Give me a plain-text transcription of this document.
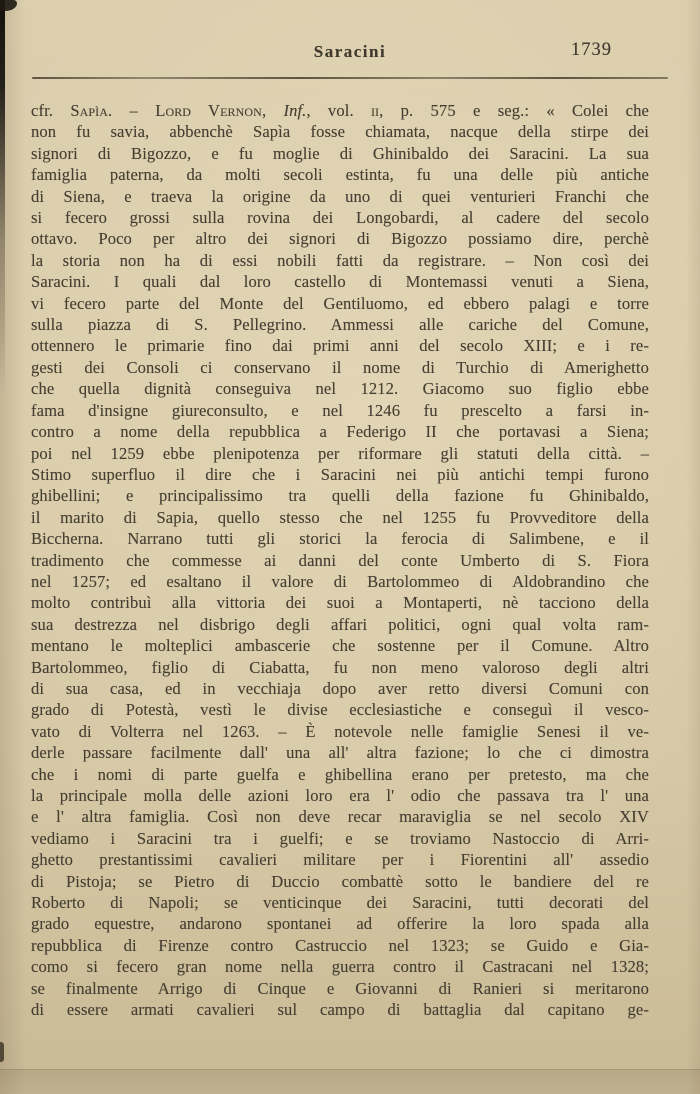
Saracini	1739
cfr. Sapìa. – Lord Vernon, Inf., vol. ii, p. 575 e seg.: « Colei che
non fu savia, abbenchè Sapìa fosse chiamata, nacque della stirpe dei
signori di Bigozzo, e fu moglie di Ghinibaldo dei Saracini. La sua
famiglia paterna, da molti secoli estinta, fu una delle più antiche
di Siena, e traeva la origine da uno di quei venturieri Franchi che
si fecero grossi sulla rovina dei Longobardi, al cadere del secolo
ottavo. Poco per altro dei signori di Bigozzo possiamo dire, perchè
la storia non ha di essi nobili fatti da registrare. – Non così dei
Saracini. I quali dal loro castello di Montemassi venuti a Siena,
vi fecero parte del Monte del Gentiluomo, ed ebbero palagi e torre
sulla piazza di S. Pellegrino. Ammessi alle cariche del Comune,
ottennero le primarie fino dai primi anni del secolo XIII; e i re-
gesti dei Consoli ci conservano il nome di Turchio di Amerighetto
che quella dignità conseguiva nel 1212. Giacomo suo figlio ebbe
fama d'insigne giureconsulto, e nel 1246 fu prescelto a farsi in-
contro a nome della repubblica a Federigo II che portavasi a Siena;
poi nel 1259 ebbe plenipotenza per riformare gli statuti della città. –
Stimo superfluo il dire che i Saracini nei più antichi tempi furono
ghibellini; e principalissimo tra quelli della fazione fu Ghinibaldo,
il marito di Sapia, quello stesso che nel 1255 fu Provveditore della
Biccherna. Narrano tutti gli storici la ferocia di Salimbene, e il
tradimento che commesse ai danni del conte Umberto di S. Fiora
nel 1257; ed esaltano il valore di Bartolommeo di Aldobrandino che
molto contribuì alla vittoria dei suoi a Montaperti, nè tacciono della
sua destrezza nel disbrigo degli affari politici, ogni qual volta ram-
mentano le molteplici ambascerie che sostenne per il Comune. Altro
Bartolommeo, figlio di Ciabatta, fu non meno valoroso degli altri
di sua casa, ed in vecchiaja dopo aver retto diversi Comuni con
grado di Potestà, vestì le divise ecclesiastiche e conseguì il vesco-
vato di Volterra nel 1263. – È notevole nelle famiglie Senesi il ve-
derle passare facilmente dall' una all' altra fazione; lo che ci dimostra
che i nomi di parte guelfa e ghibellina erano per pretesto, ma che
la principale molla delle azioni loro era l' odio che passava tra l' una
e l' altra famiglia. Così non deve recar maraviglia se nel secolo XIV
vediamo i Saracini tra i guelfi; e se troviamo Nastoccio di Arri-
ghetto prestantissimi cavalieri militare per i Fiorentini all' assedio
di Pistoja; se Pietro di Duccio combattè sotto le bandiere del re
Roberto di Napoli; se venticinque dei Saracini, tutti decorati del
grado equestre, andarono spontanei ad offerire la loro spada alla
repubblica di Firenze contro Castruccio nel 1323; se Guido e Gia-
como si fecero gran nome nella guerra contro il Castracani nel 1328;
se finalmente Arrigo di Cinque e Giovanni di Ranieri si meritarono
di essere armati cavalieri sul campo di battaglia dal capitano ge-
